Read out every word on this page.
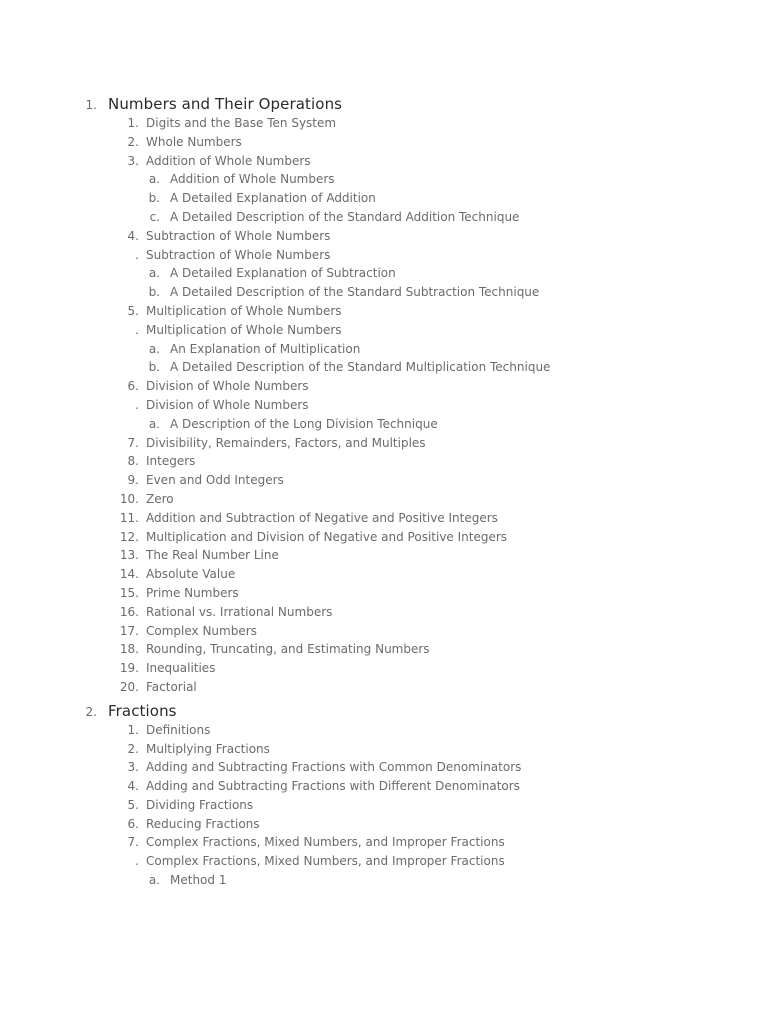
1. Numbers and Their Operations
1. Digits and the Base Ten System
2. Whole Numbers
3. Addition of Whole Numbers
a. Addition of Whole Numbers
b. A Detailed Explanation of Addition
c. A Detailed Description of the Standard Addition Technique
4. Subtraction of Whole Numbers
. Subtraction of Whole Numbers
a. A Detailed Explanation of Subtraction
b. A Detailed Description of the Standard Subtraction Technique
5. Multiplication of Whole Numbers
. Multiplication of Whole Numbers
a. An Explanation of Multiplication
b. A Detailed Description of the Standard Multiplication Technique
6. Division of Whole Numbers
. Division of Whole Numbers
a. A Description of the Long Division Technique
7. Divisibility, Remainders, Factors, and Multiples
8. Integers
9. Even and Odd Integers
10. Zero
11. Addition and Subtraction of Negative and Positive Integers
12. Multiplication and Division of Negative and Positive Integers
13. The Real Number Line
14. Absolute Value
15. Prime Numbers
16. Rational vs. Irrational Numbers
17. Complex Numbers
18. Rounding, Truncating, and Estimating Numbers
19. Inequalities
20. Factorial
2. Fractions
1. Definitions
2. Multiplying Fractions
3. Adding and Subtracting Fractions with Common Denominators
4. Adding and Subtracting Fractions with Different Denominators
5. Dividing Fractions
6. Reducing Fractions
7. Complex Fractions, Mixed Numbers, and Improper Fractions
. Complex Fractions, Mixed Numbers, and Improper Fractions
a. Method 1
